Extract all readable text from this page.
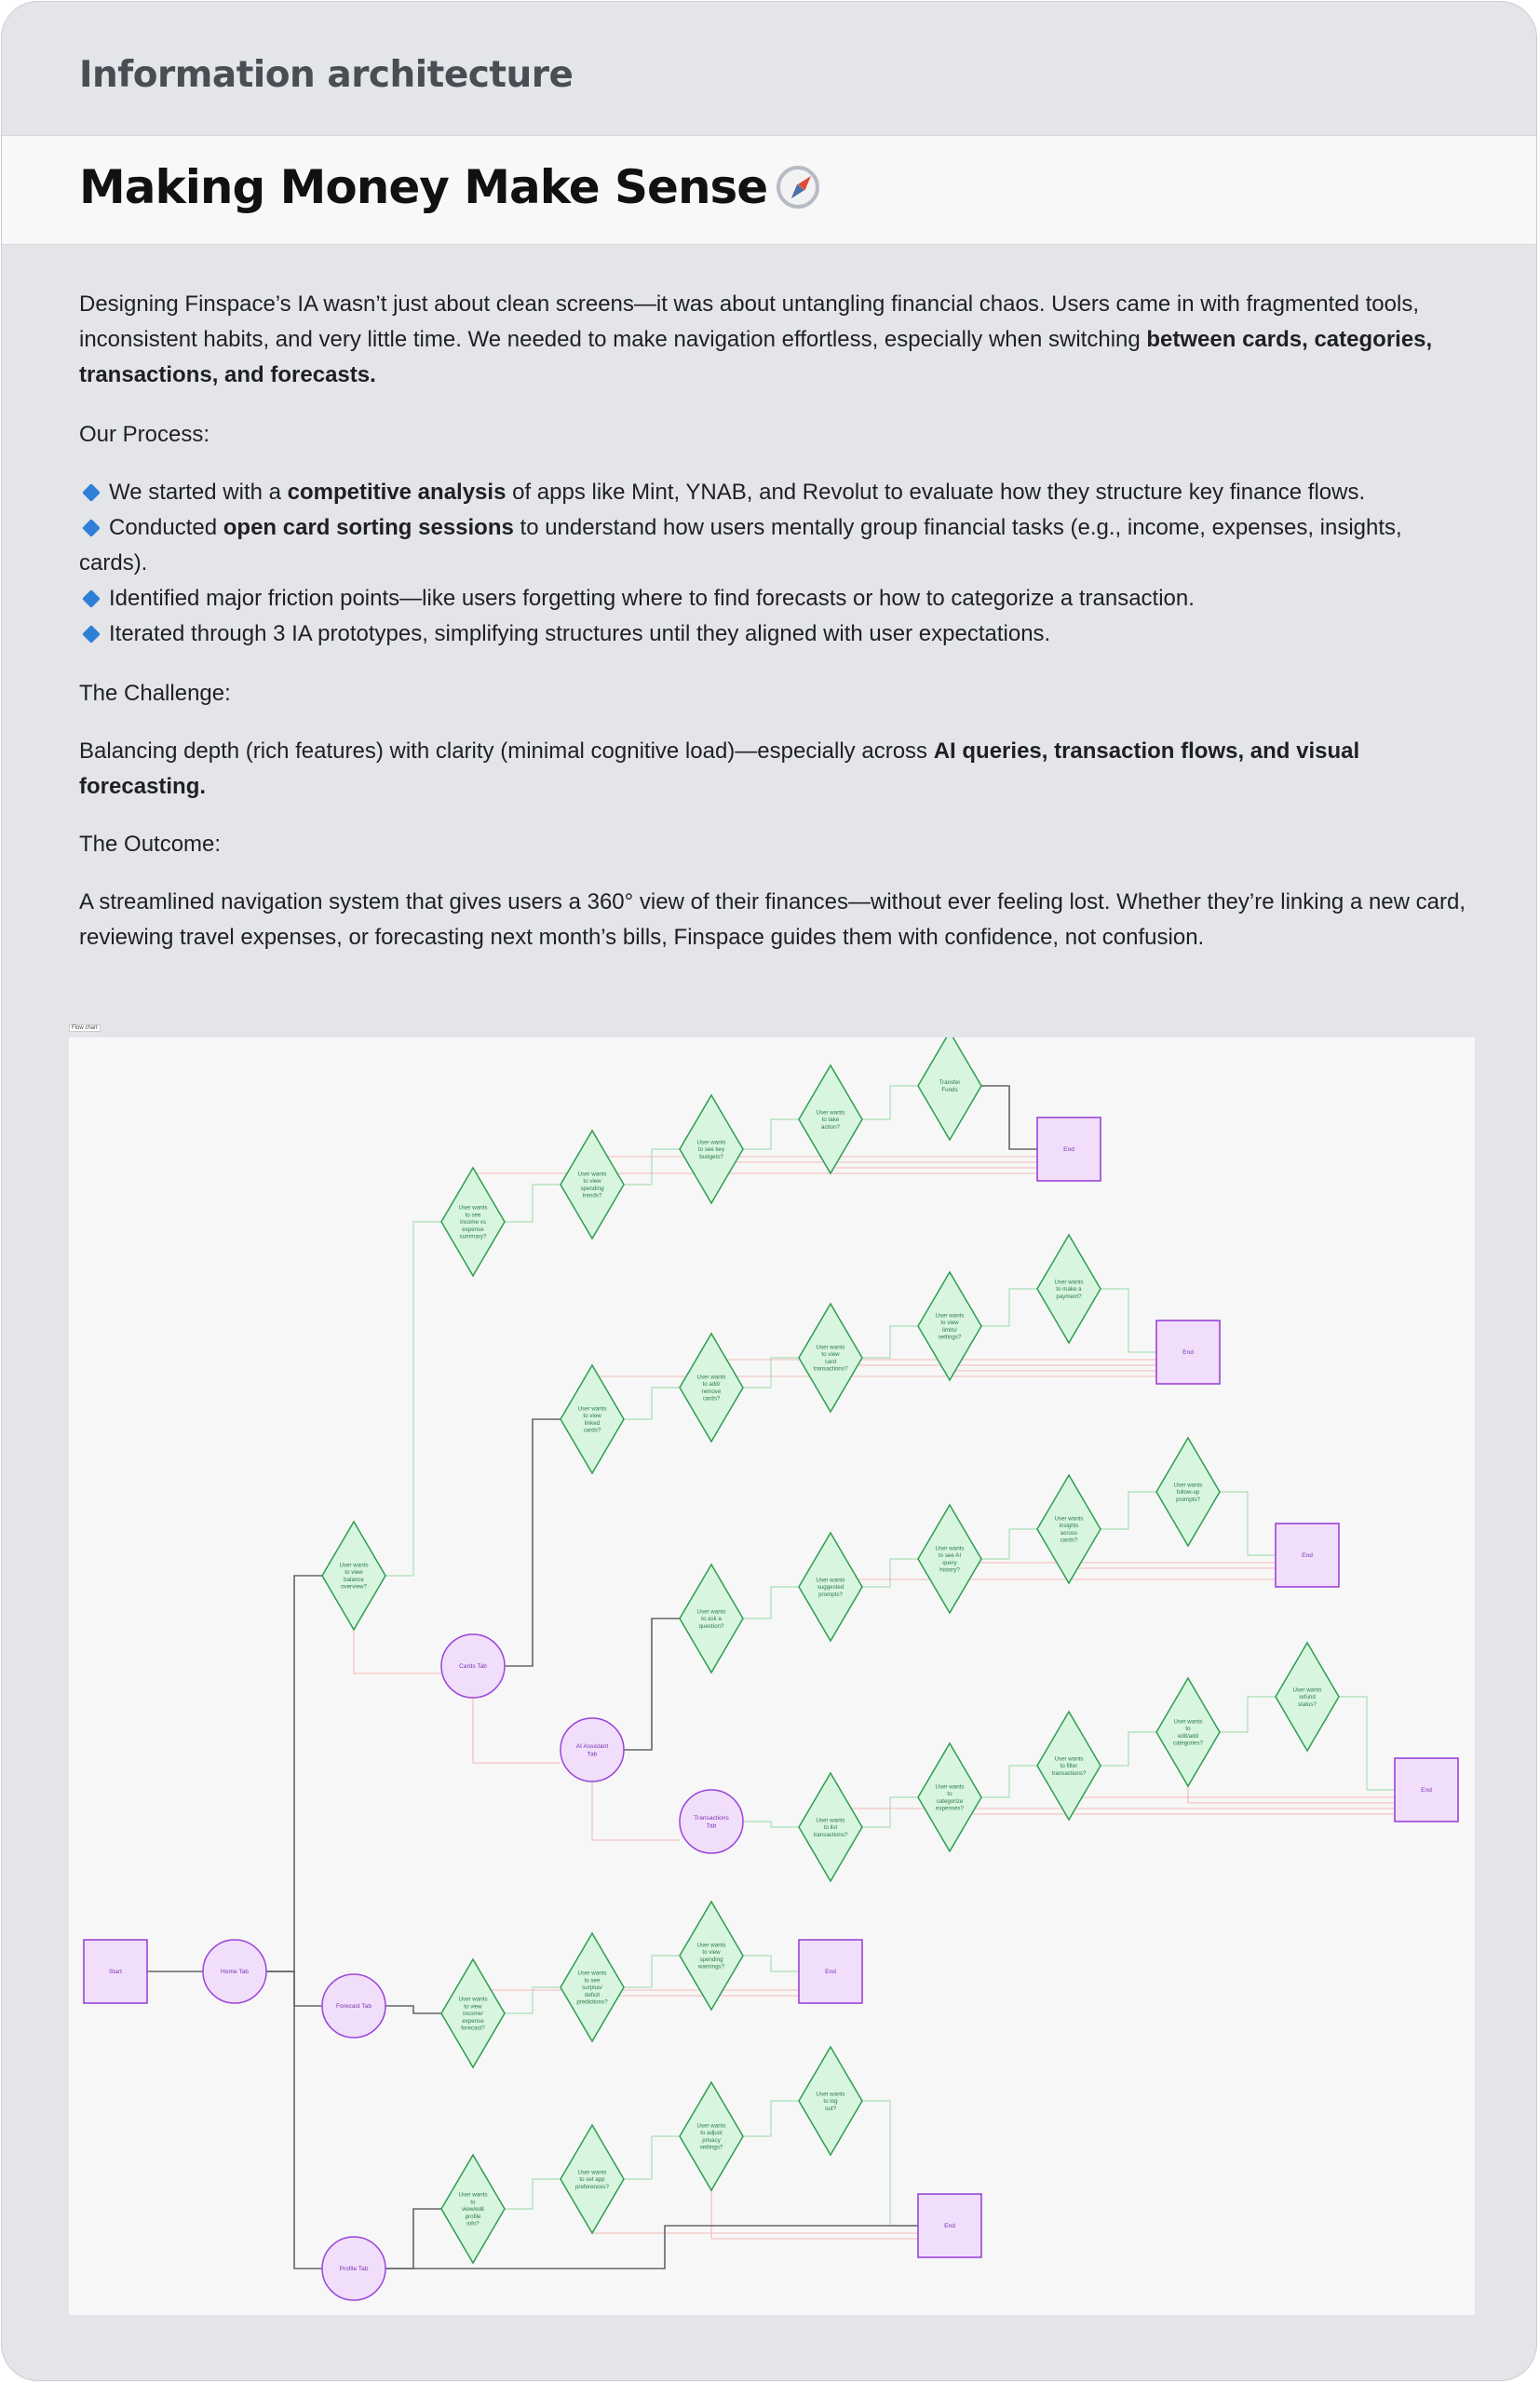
Information architecture
Making Money Make Sense
Designing Finspace’s IA wasn’t just about clean screens—it was about untangling financial chaos. Users came in with fragmented tools, inconsistent habits, and very little time. We needed to make navigation effortless, especially when switching between cards, categories, transactions, and forecasts.
Our Process:
We started with a competitive analysis of apps like Mint, YNAB, and Revolut to evaluate how they structure key finance flows.
Conducted open card sorting sessions to understand how users mentally group financial tasks (e.g., income, expenses, insights, cards).
Identified major friction points—like users forgetting where to find forecasts or how to categorize a transaction.
Iterated through 3 IA prototypes, simplifying structures until they aligned with user expectations.
The Challenge:
Balancing depth (rich features) with clarity (minimal cognitive load)—especially across AI queries, transaction flows, and visual forecasting.
The Outcome:
A streamlined navigation system that gives users a 360° view of their finances—without ever feeling lost. Whether they’re linking a new card, reviewing travel expenses, or forecasting next month’s bills, Finspace guides them with confidence, not confusion.
Flow chart
Start	Home Tab
User wants to view balance overview?
User wants to see income vs expense summary?
User wants to view spending trends?
User wants to see key budgets?
User wants to take action?
Transfer Funds
End
Cards Tab
User wants to view linked cards?
User wants to add/ remove cards?
User wants to view card transactions?
User wants to view limits/ settings?
User wants to make a payment?
End
AI Assistant Tab
User wants to ask a question?
User wants suggested prompts?
User wants to see AI query history?
User wants insights across cards?
User wants follow-up prompts?
End
Transactions Tab
User wants to list transactions?
User wants to categorize expenses?
User wants to filter transactions?
User wants to edit/add categories?
User wants refund status?
End
Forecast Tab
User wants to view income/ expense forecast?
User wants to see surplus/ deficit predictions?
User wants to view spending warnings?
End
Profile Tab
User wants to view/edit profile info?
User wants to set app preferences?
User wants to adjust privacy settings?
User wants to log out?
End
